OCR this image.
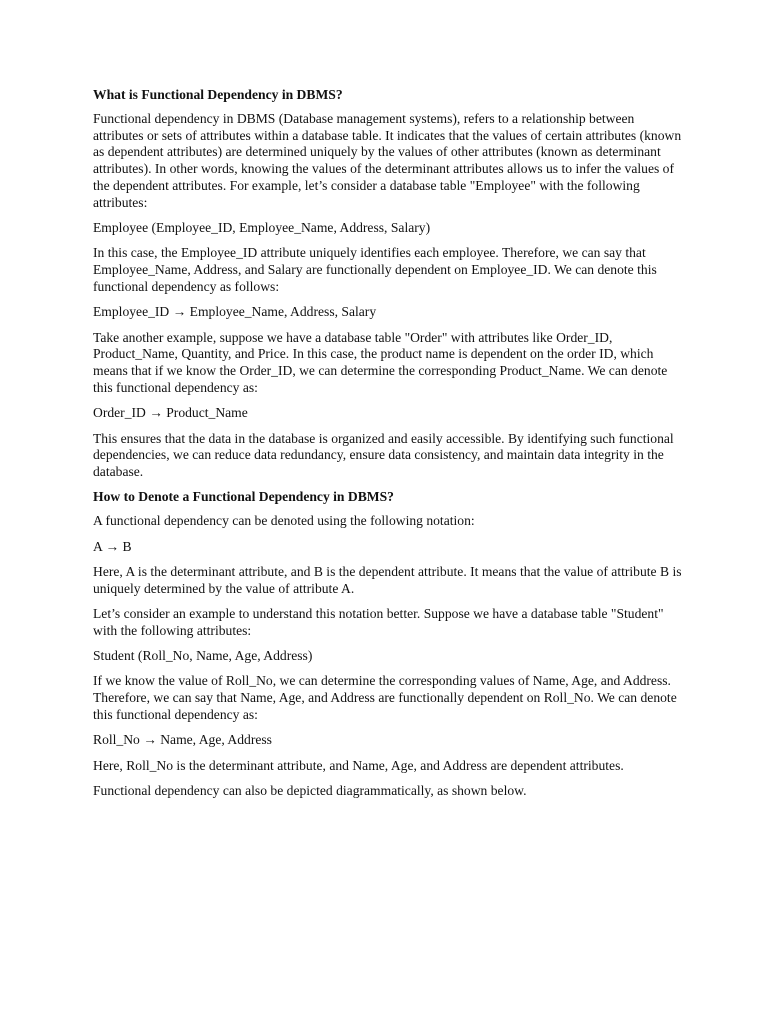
What is Functional Dependency in DBMS?

Functional dependency in DBMS (Database management systems), refers to a relationship between attributes or sets of attributes within a database table. It indicates that the values of certain attributes (known as dependent attributes) are determined uniquely by the values of other attributes (known as determinant attributes). In other words, knowing the values of the determinant attributes allows us to infer the values of the dependent attributes. For example, let’s consider a database table "Employee" with the following attributes:

Employee (Employee_ID, Employee_Name, Address, Salary)

In this case, the Employee_ID attribute uniquely identifies each employee. Therefore, we can say that Employee_Name, Address, and Salary are functionally dependent on Employee_ID. We can denote this functional dependency as follows:

Employee_ID → Employee_Name, Address, Salary

Take another example, suppose we have a database table "Order" with attributes like Order_ID, Product_Name, Quantity, and Price. In this case, the product name is dependent on the order ID, which means that if we know the Order_ID, we can determine the corresponding Product_Name. We can denote this functional dependency as:

Order_ID → Product_Name

This ensures that the data in the database is organized and easily accessible. By identifying such functional dependencies, we can reduce data redundancy, ensure data consistency, and maintain data integrity in the database.

How to Denote a Functional Dependency in DBMS?

A functional dependency can be denoted using the following notation:

A → B

Here, A is the determinant attribute, and B is the dependent attribute. It means that the value of attribute B is uniquely determined by the value of attribute A.

Let’s consider an example to understand this notation better. Suppose we have a database table "Student" with the following attributes:

Student (Roll_No, Name, Age, Address)

If we know the value of Roll_No, we can determine the corresponding values of Name, Age, and Address. Therefore, we can say that Name, Age, and Address are functionally dependent on Roll_No. We can denote this functional dependency as:

Roll_No → Name, Age, Address

Here, Roll_No is the determinant attribute, and Name, Age, and Address are dependent attributes.

Functional dependency can also be depicted diagrammatically, as shown below.
